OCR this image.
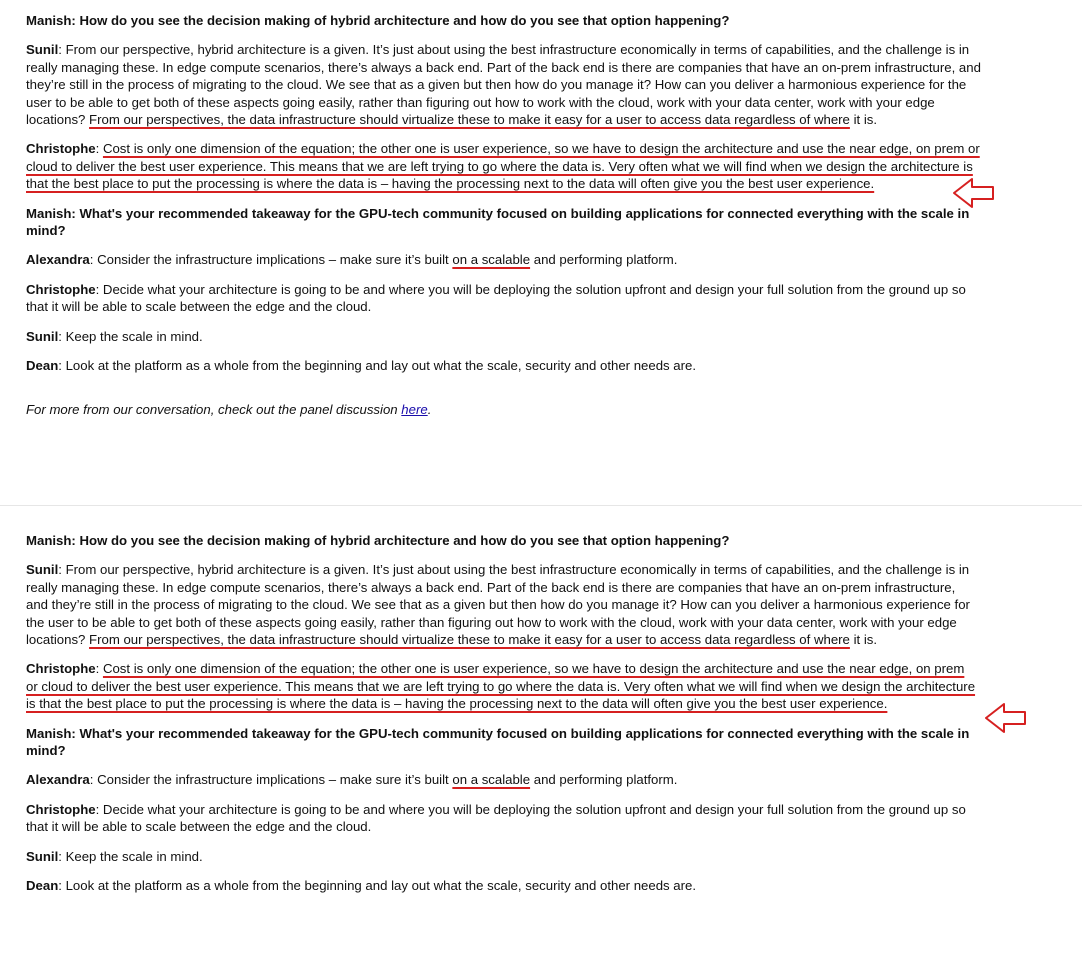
Manish: How do you see the decision making of hybrid architecture and how do you see that option happening?

Sunil: From our perspective, hybrid architecture is a given. It’s just about using the best infrastructure economically in terms of capabilities, and the challenge is in really managing these. In edge compute scenarios, there’s always a back end. Part of the back end is there are companies that have an on-prem infrastructure, and they’re still in the process of migrating to the cloud. We see that as a given but then how do you manage it? How can you deliver a harmonious experience for the user to be able to get both of these aspects going easily, rather than figuring out how to work with the cloud, work with your data center, work with your edge locations? From our perspectives, the data infrastructure should virtualize these to make it easy for a user to access data regardless of where it is.

Christophe: Cost is only one dimension of the equation; the other one is user experience, so we have to design the architecture and use the near edge, on prem or cloud to deliver the best user experience. This means that we are left trying to go where the data is. Very often what we will find when we design the architecture is that the best place to put the processing is where the data is – having the processing next to the data will often give you the best user experience.

Manish: What's your recommended takeaway for the GPU-tech community focused on building applications for connected everything with the scale in mind?

Alexandra: Consider the infrastructure implications – make sure it’s built on a scalable and performing platform.

Christophe: Decide what your architecture is going to be and where you will be deploying the solution upfront and design your full solution from the ground up so that it will be able to scale between the edge and the cloud.

Sunil: Keep the scale in mind.

Dean: Look at the platform as a whole from the beginning and lay out what the scale, security and other needs are.

For more from our conversation, check out the panel discussion here.

Manish: How do you see the decision making of hybrid architecture and how do you see that option happening?

Sunil: From our perspective, hybrid architecture is a given. It’s just about using the best infrastructure economically in terms of capabilities, and the challenge is in really managing these. In edge compute scenarios, there’s always a back end. Part of the back end is there are companies that have an on-prem infrastructure, and they’re still in the process of migrating to the cloud. We see that as a given but then how do you manage it? How can you deliver a harmonious experience for the user to be able to get both of these aspects going easily, rather than figuring out how to work with the cloud, work with your data center, work with your edge locations? From our perspectives, the data infrastructure should virtualize these to make it easy for a user to access data regardless of where it is.

Christophe: Cost is only one dimension of the equation; the other one is user experience, so we have to design the architecture and use the near edge, on prem or cloud to deliver the best user experience. This means that we are left trying to go where the data is. Very often what we will find when we design the architecture is that the best place to put the processing is where the data is – having the processing next to the data will often give you the best user experience.

Manish: What's your recommended takeaway for the GPU-tech community focused on building applications for connected everything with the scale in mind?

Alexandra: Consider the infrastructure implications – make sure it’s built on a scalable and performing platform.

Christophe: Decide what your architecture is going to be and where you will be deploying the solution upfront and design your full solution from the ground up so that it will be able to scale between the edge and the cloud.

Sunil: Keep the scale in mind.

Dean: Look at the platform as a whole from the beginning and lay out what the scale, security and other needs are.
